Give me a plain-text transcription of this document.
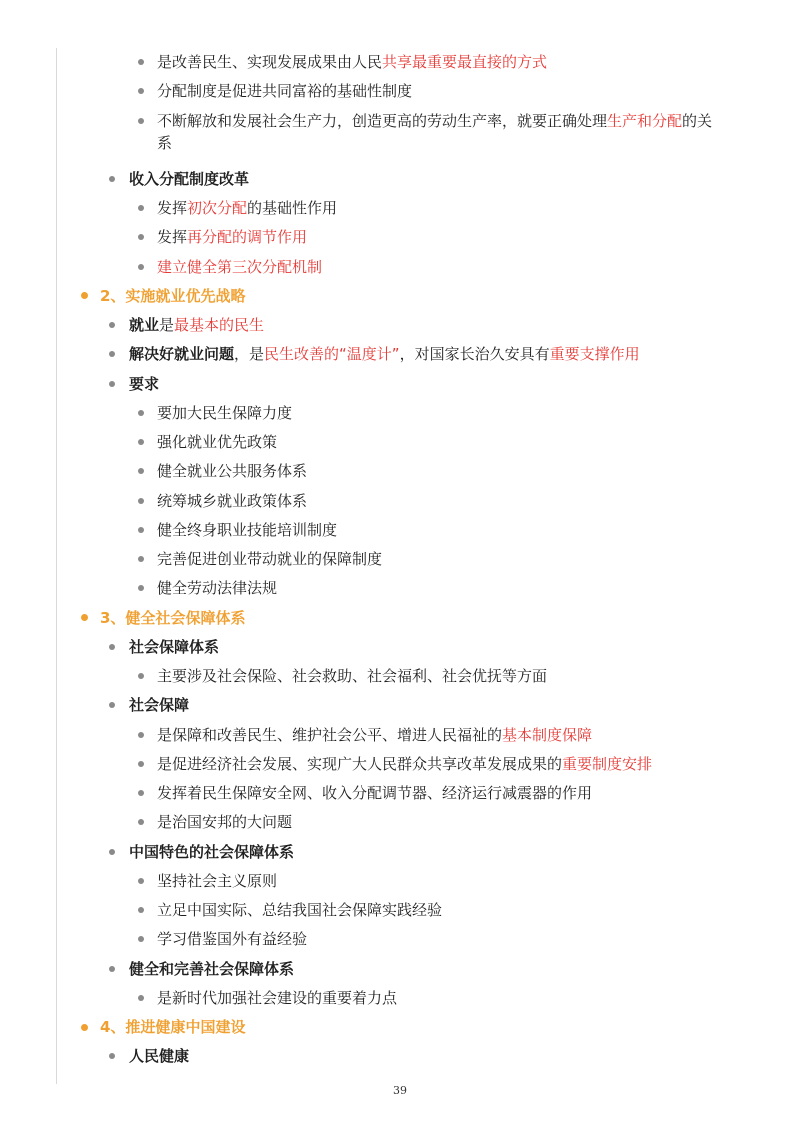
是改善民生、实现发展成果由人民共享最重要最直接的方式
分配制度是促进共同富裕的基础性制度
不断解放和发展社会生产力，创造更高的劳动生产率，就要正确处理生产和分配的关
系
收入分配制度改革
发挥初次分配的基础性作用
发挥再分配的调节作用
建立健全第三次分配机制
2、实施就业优先战略
就业是最基本的民生
解决好就业问题，是民生改善的“温度计”，对国家长治久安具有重要支撑作用
要求
要加大民生保障力度
强化就业优先政策
健全就业公共服务体系
统筹城乡就业政策体系
健全终身职业技能培训制度
完善促进创业带动就业的保障制度
健全劳动法律法规
3、健全社会保障体系
社会保障体系
主要涉及社会保险、社会救助、社会福利、社会优抚等方面
社会保障
是保障和改善民生、维护社会公平、增进人民福祉的基本制度保障
是促进经济社会发展、实现广大人民群众共享改革发展成果的重要制度安排
发挥着民生保障安全网、收入分配调节器、经济运行减震器的作用
是治国安邦的大问题
中国特色的社会保障体系
坚持社会主义原则
立足中国实际、总结我国社会保障实践经验
学习借鉴国外有益经验
健全和完善社会保障体系
是新时代加强社会建设的重要着力点
4、推进健康中国建设
人民健康
39
